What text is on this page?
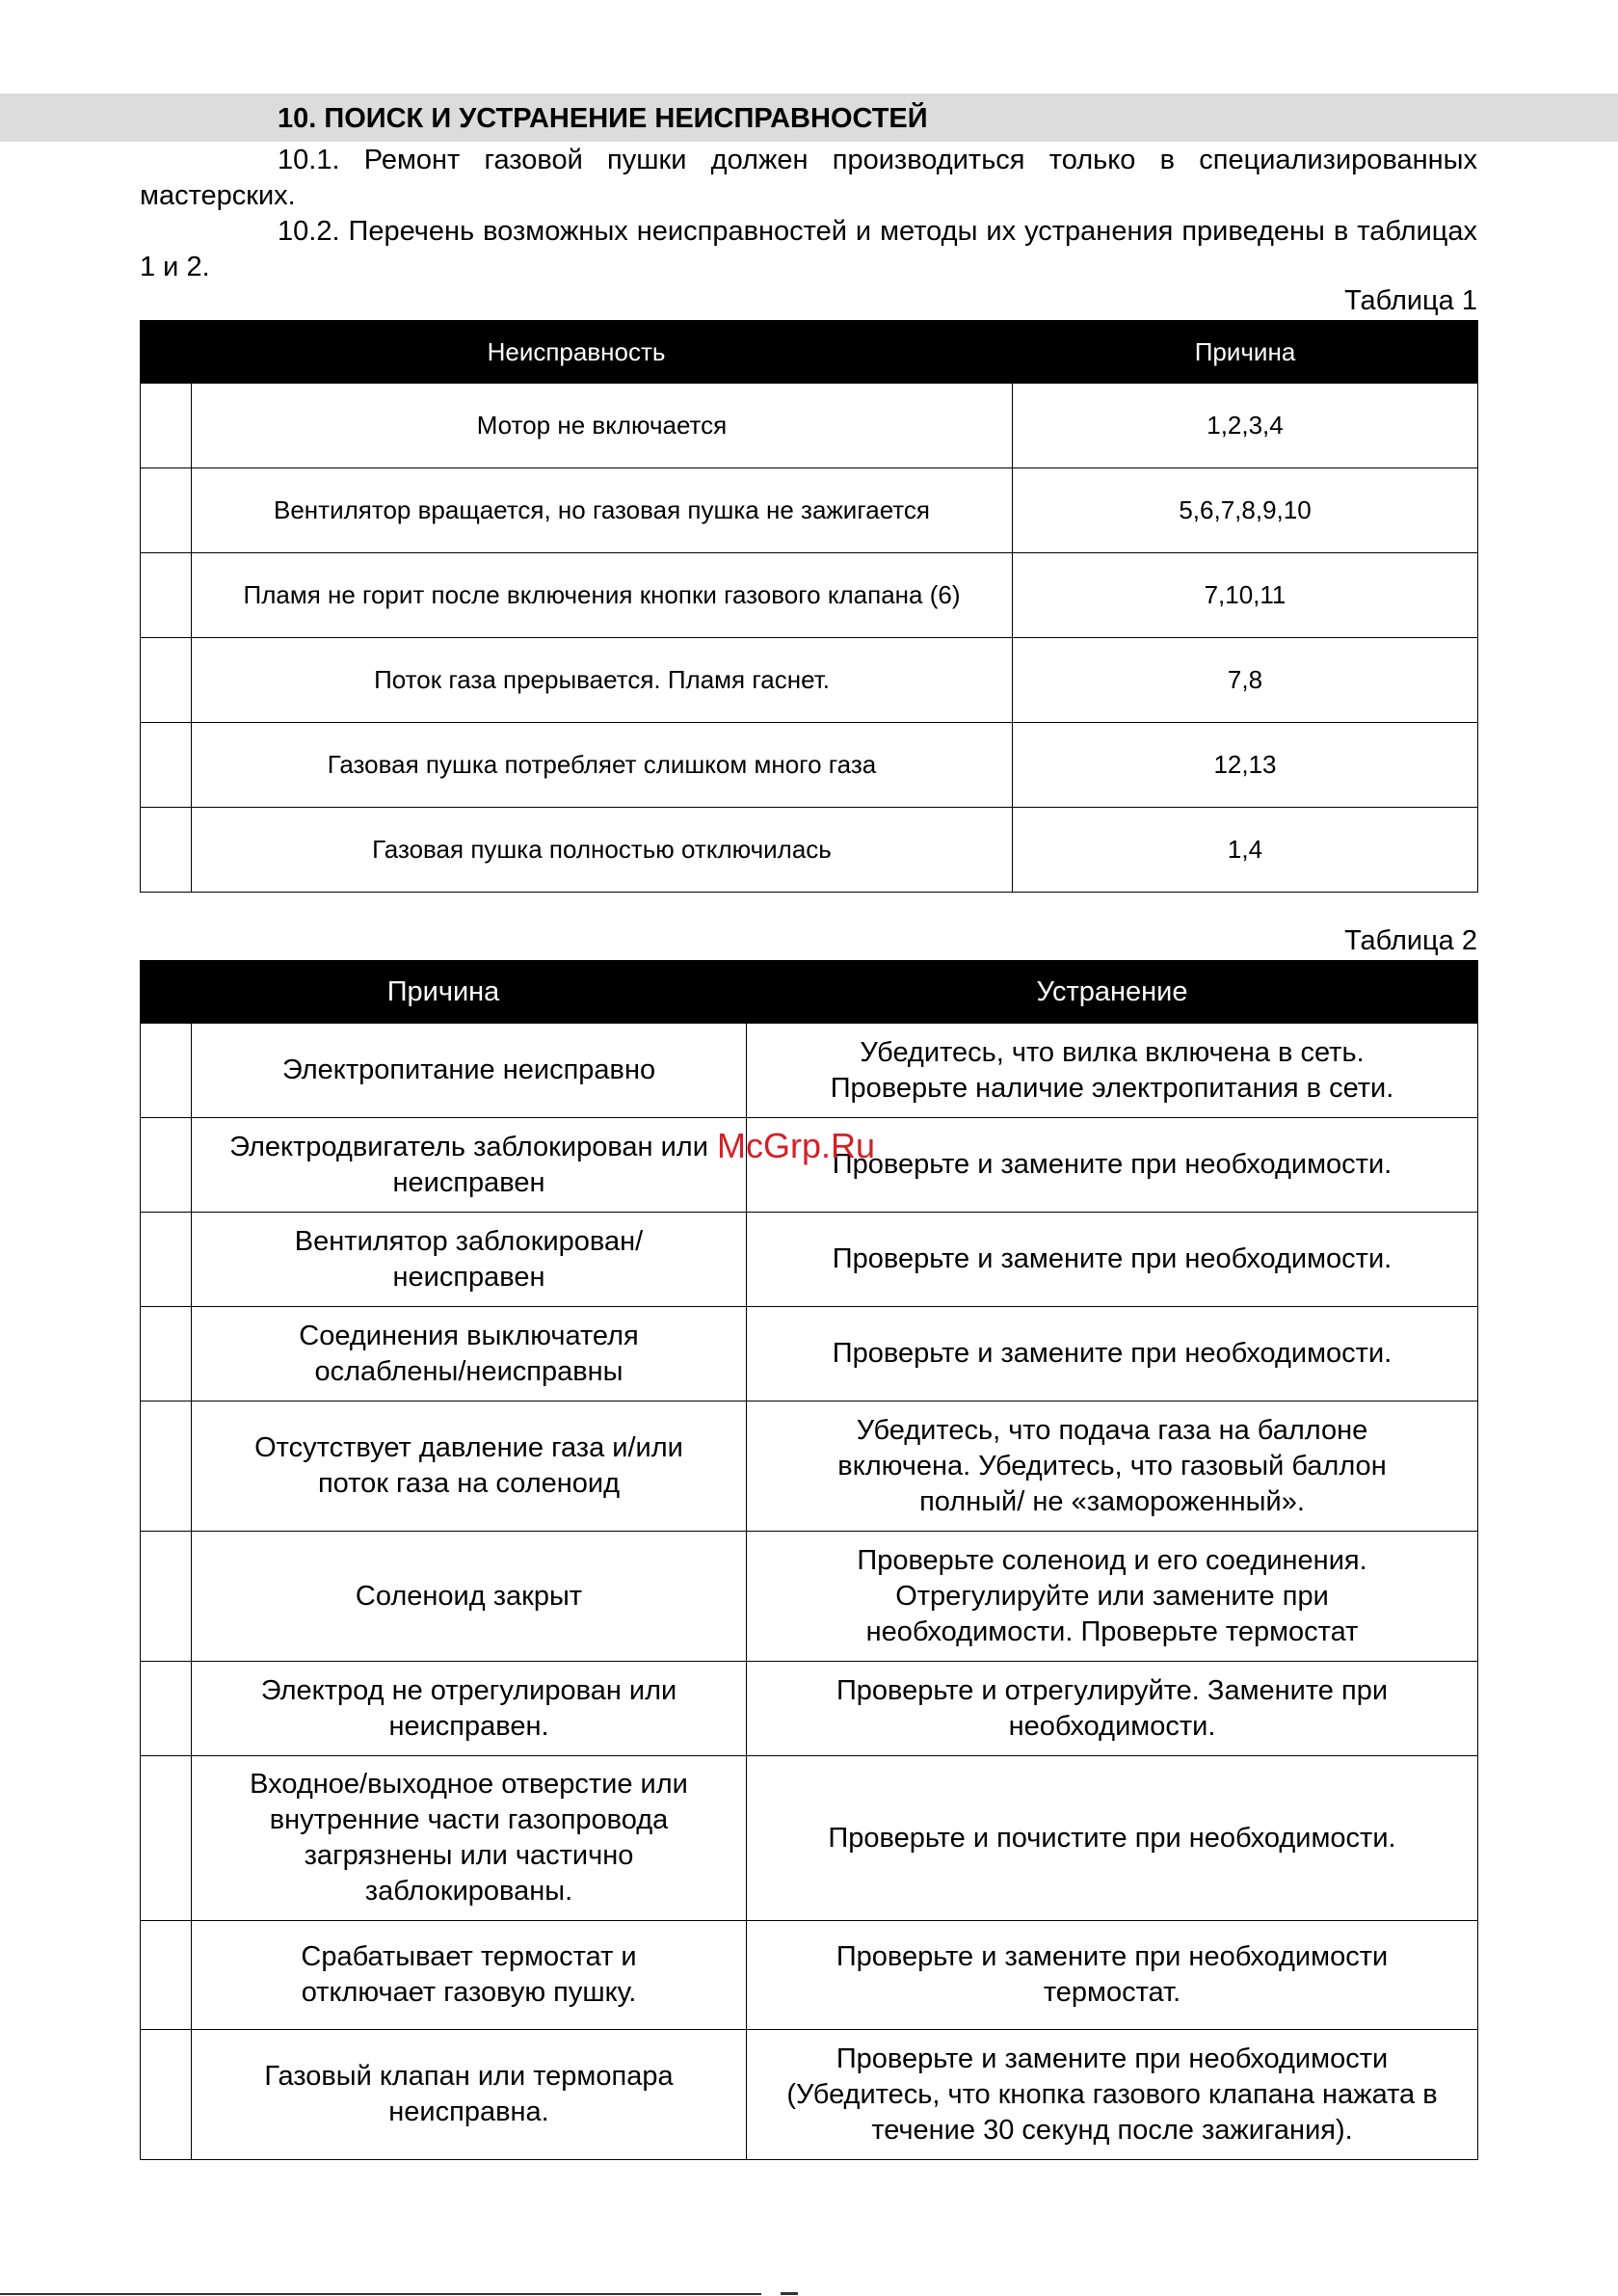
10. ПОИСК И УСТРАНЕНИЕ НЕИСПРАВНОСТЕЙ
10.1. Ремонт газовой пушки должен производиться только в специализированных мастерских.
10.2. Перечень возможных неисправностей и методы их устранения приведены в таблицах 1 и 2.
Таблица 1
Неисправность		Причина
	Мотор не включается	1,2,3,4
	Вентилятор вращается, но газовая пушка не зажигается	5,6,7,8,9,10
	Пламя не горит после включения кнопки газового клапана (6)	7,10,11
	Поток газа прерывается. Пламя гаснет.	7,8
	Газовая пушка потребляет слишком много газа	12,13
	Газовая пушка полностью отключилась	1,4
Таблица 2
Причина		Устранение
	Электропитание неисправно	Убедитесь, что вилка включена в сеть. Проверьте наличие электропитания в сети.
	Электродвигатель заблокирован или неисправен	Проверьте и замените при необходимости.
	Вентилятор заблокирован/неисправен	Проверьте и замените при необходимости.
	Соединения выключателя ослаблены/неисправны	Проверьте и замените при необходимости.
	Отсутствует давление газа и/или поток газа на соленоид	Убедитесь, что подача газа на баллоне включена. Убедитесь, что газовый баллон полный/ не «замороженный».
	Соленоид закрыт	Проверьте соленоид и его соединения. Отрегулируйте или замените при необходимости. Проверьте термостат
	Электрод не отрегулирован или неисправен.	Проверьте и отрегулируйте. Замените при необходимости.
	Входное/выходное отверстие или внутренние части газопровода загрязнены или частично заблокированы.	Проверьте и почистите при необходимости.
	Срабатывает термостат и отключает газовую пушку.	Проверьте и замените при необходимости термостат.
	Газовый клапан или термопара неисправна.	Проверьте и замените при необходимости (Убедитесь, что кнопка газового клапана нажата в течение 30 секунд после зажигания).
McGrp.Ru
